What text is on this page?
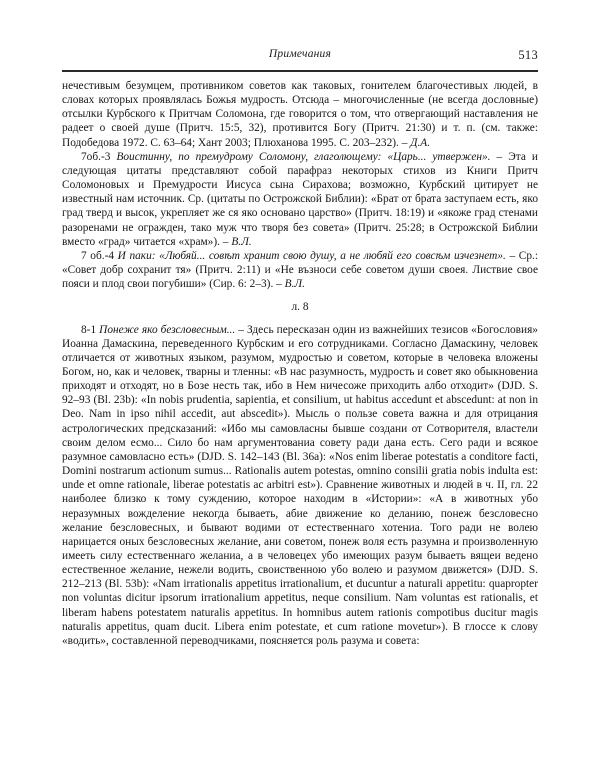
Примечания	513

нечестивым безумцем, противником советов как таковых, гонителем благочестивых людей, в словах которых проявлялась Божья мудрость. Отсюда – многочисленные (не всегда дословные) отсылки Курбского к Притчам Соломона, где говорится о том, что отвергающий наставления не радеет о своей душе (Притч. 15:5, 32), противится Богу (Притч. 21:30) и т. п. (см. также: Подобедова 1972. С. 63–64; Хант 2003; Плюханова 1995. С. 203–232). – Д.А.

7об.-3 Воистинну, по премудрому Соломону, глаголющему: «Царь... утвержен». – Эта и следующая цитаты представляют собой парафраз некоторых стихов из Книги Притч Соломоновых и Премудрости Иисуса сына Сирахова; возможно, Курбский цитирует не известный нам источник. Ср. (цитаты по Острожской Библии): «Брат от брата заступаем есть, яко град тверд и высок, укрепляет же ся яко основано царство» (Притч. 18:19) и «якоже град стенами разоренами не огражден, тако муж что творя без совета» (Притч. 25:28; в Острожской Библии вместо «град» читается «храм»). – В.Л.

7 об.-4 И паки: «Любяй... совѣт хранит свою душу, а не любяй его совсѣм изчезнет». – Ср.: «Совет добр сохранит тя» (Притч. 2:11) и «Не възноси себе советом души своея. Листвие свое пояси и плод свои погубиши» (Сир. 6: 2–3). – В.Л.

л. 8

8-1 Понеже яко безсловесным... – Здесь пересказан один из важнейших тезисов «Богословия» Иоанна Дамаскина, переведенного Курбским и его сотрудниками. Согласно Дамаскину, человек отличается от животных языком, разумом, мудростью и советом, которые в человека вложены Богом, но, как и человек, тварны и тленны: «В нас разумность, мудрость и совет яко обыкновениа приходят и отходят, но в Бозе несть так, ибо в Нем ничесоже приходить албо отходит» (DJD. S. 92–93 (Bl. 23b): «In nobis prudentia, sapientia, et consilium, ut habitus accedunt et abscedunt: at non in Deo. Nam in ipso nihil accedit, aut abscedit»). Мысль о пользе совета важна и для отрицания астрологических предсказаний: «Ибо мы самовласны бывше создани от Сотворителя, властели своим делом есмо... Сило бо нам аргументованиа совету ради дана есть. Сего ради и всякое разумное самовласно есть» (DJD. S. 142–143 (Bl. 36a): «Nos enim liberae potestatis a conditore facti, Domini nostrarum actionum sumus... Rationalis autem potestas, omnino consilii gratia nobis indulta est: unde et omne rationale, liberae potestatis ac arbitri est»). Сравнение животных и людей в ч. II, гл. 22 наиболее близко к тому суждению, которое находим в «Истории»: «А в животных убо неразумных вожделение некогда бываеть, абие движение ко деланию, понеж безсловесно желание безсловесных, и бывают водими от естественнаго хотениа. Того ради не волею нарицается оных безсловесных желание, ани советом, понеж воля есть разумна и произволенную имееть силу естественнаго желаниа, а в человецех убо имеющих разум бываеть вящеи ведено естественное желание, нежели водить, своиственною убо волею и разумом движется» (DJD. S. 212–213 (Bl. 53b): «Nam irrationalis appetitus irrationalium, et ducuntur a naturali appetitu: quapropter non voluntas dicitur ipsorum irrationalium appetitus, neque consilium. Nam voluntas est rationalis, et liberam habens potestatem naturalis appetitus. In homnibus autem rationis compotibus ducitur magis naturalis appetitus, quam ducit. Libera enim potestate, et cum ratione movetur»). В глоссе к слову «водить», составленной переводчиками, поясняется роль разума и совета:
